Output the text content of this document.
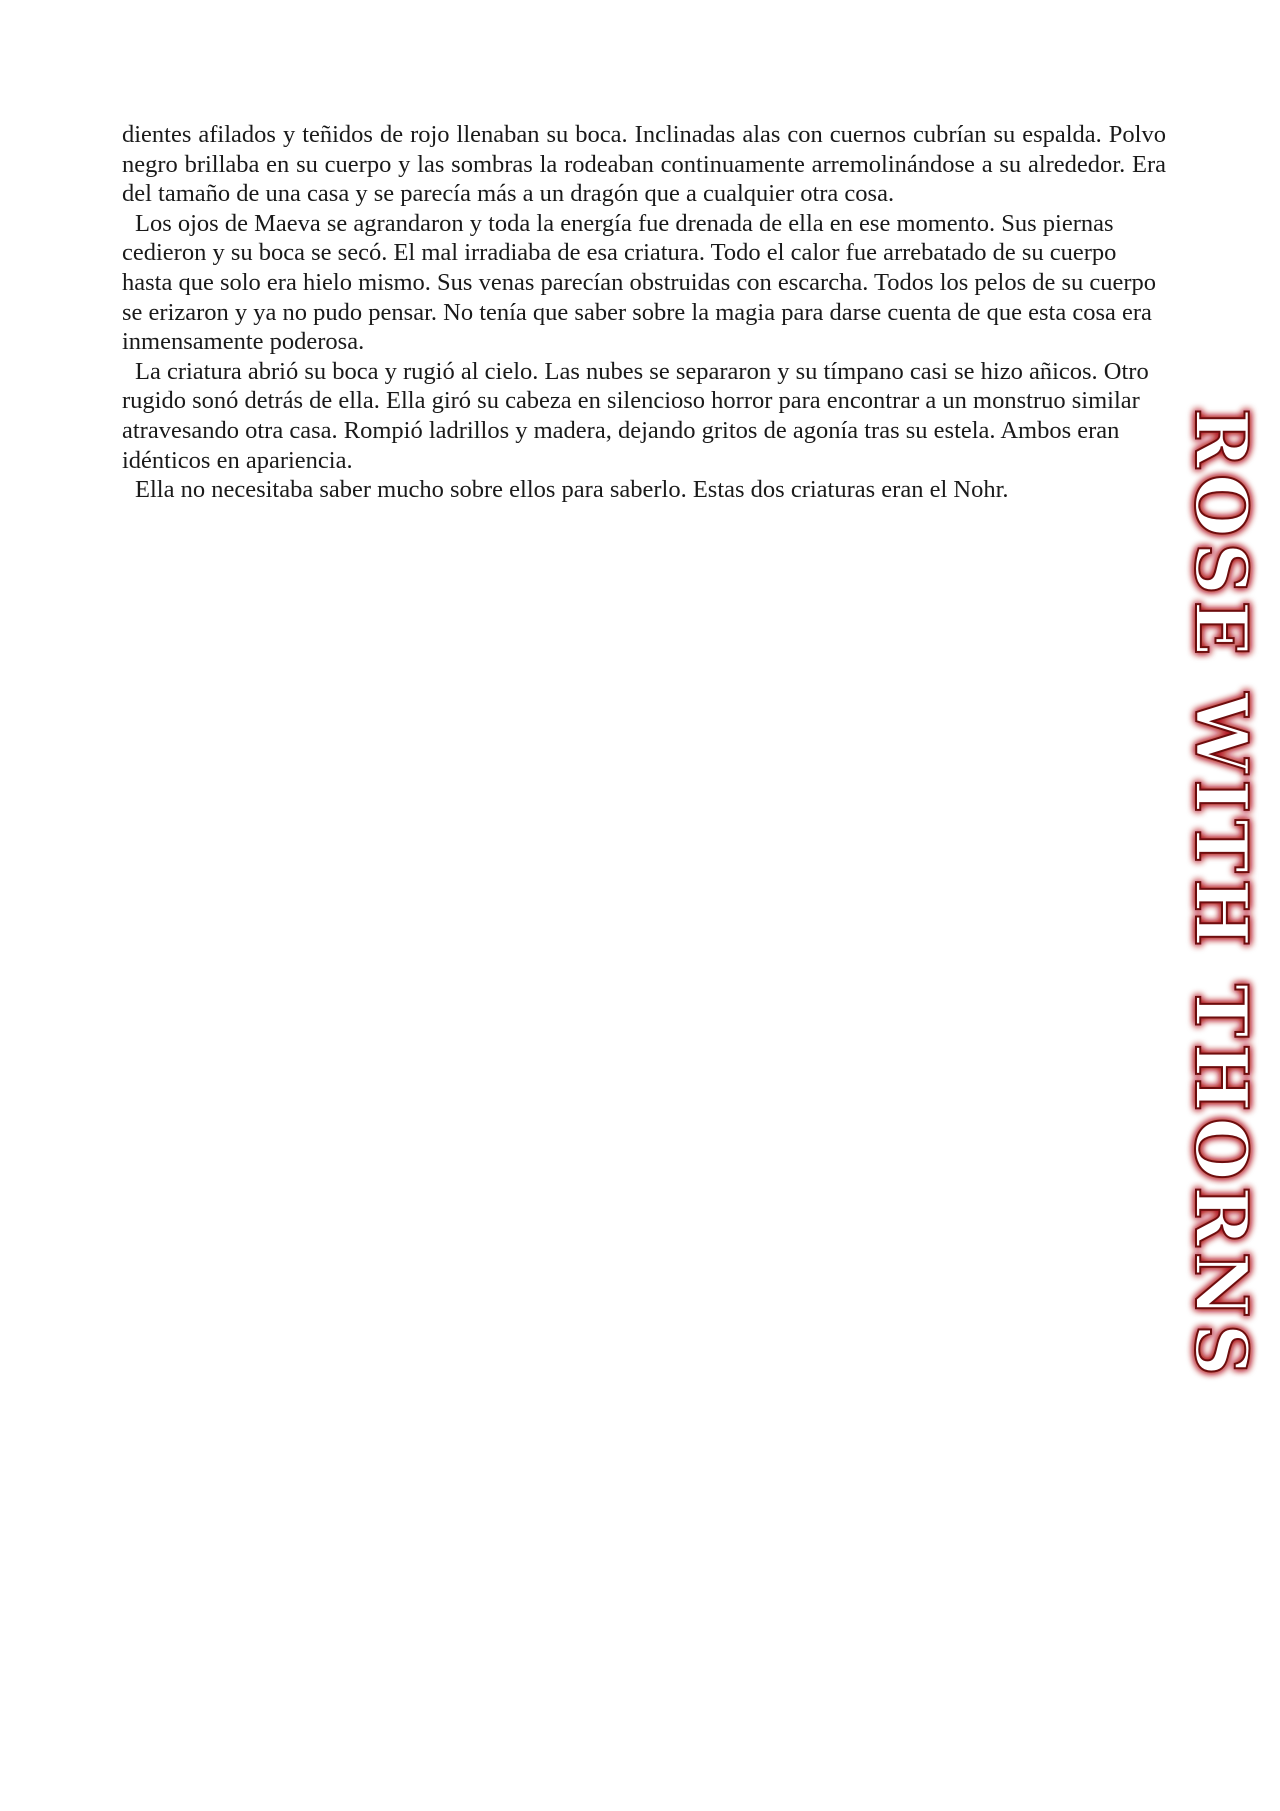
dientes afilados y teñidos de rojo llenaban su boca. Inclinadas alas con cuernos cubrían su espalda. Polvo negro brillaba en su cuerpo y las sombras la rodeaban continuamente arremolinándose a su alrededor. Era del tamaño de una casa y se parecía más a un dragón que a cualquier otra cosa.

Los ojos de Maeva se agrandaron y toda la energía fue drenada de ella en ese momento. Sus piernas cedieron y su boca se secó. El mal irradiaba de esa criatura. Todo el calor fue arrebatado de su cuerpo hasta que solo era hielo mismo. Sus venas parecían obstruidas con escarcha. Todos los pelos de su cuerpo se erizaron y ya no pudo pensar. No tenía que saber sobre la magia para darse cuenta de que esta cosa era inmensamente poderosa.

La criatura abrió su boca y rugió al cielo. Las nubes se separaron y su tímpano casi se hizo añicos. Otro rugido sonó detrás de ella. Ella giró su cabeza en silencioso horror para encontrar a un monstruo similar atravesando otra casa. Rompió ladrillos y madera, dejando gritos de agonía tras su estela. Ambos eran idénticos en apariencia.

Ella no necesitaba saber mucho sobre ellos para saberlo. Estas dos criaturas eran el Nohr.	ROSE WITH THORNS
